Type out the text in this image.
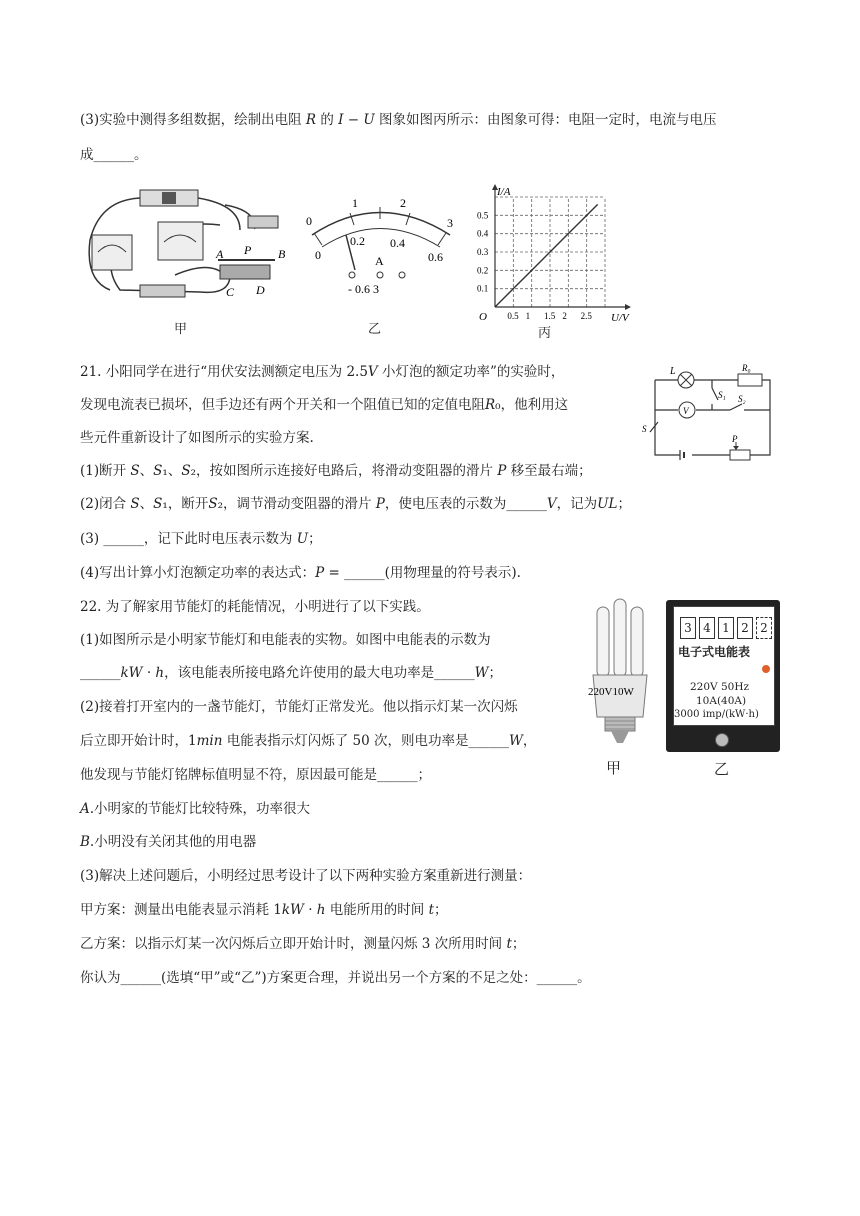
(3)实验中测得多组数据，绘制出电阻 𝑅 的 𝐼 − 𝑈 图象如图丙所示：由图象可得：电阻一定时，电流与电压
成______。
A P B
C D
甲
0
1	2
3
0
0.2 0.4
0.6
A
- 0.6 3
乙
0.5 1 1.5 2 2.5
0.1
0.2
0.3
0.4
0.5
O
I/A
U/V
丙
21. 小阳同学在进行“用伏安法测额定电压为 2.5𝑉 小灯泡的额定功率”的实验时，
发现电流表已损坏，但手边还有两个开关和一个阻值已知的定值电阻𝑅₀，他利用这
些元件重新设计了如图所示的实验方案.
(1)断开 𝑆、𝑆₁、𝑆₂，按如图所示连接好电路后，将滑动变阻器的滑片 𝑃 移至最右端；
(2)闭合 𝑆、𝑆₁，断开𝑆₂，调节滑动变阻器的滑片 𝑃，使电压表的示数为______𝑉，记为𝑈𝐿；
(3) ______，记下此时电压表示数为 𝑈；
(4)写出计算小灯泡额定功率的表达式：𝑃 = ______(用物理量的符号表示).
L	R₀
V
S₁ S₂
S
P
22. 为了解家用节能灯的耗能情况，小明进行了以下实践。
(1)如图所示是小明家节能灯和电能表的实物。如图中电能表的示数为
______𝑘𝑊 · ℎ，该电能表所接电路允许使用的最大电功率是______𝑊；
(2)接着打开室内的一盏节能灯，节能灯正常发光。他以指示灯某一次闪烁
后立即开始计时，1𝑚𝑖𝑛 电能表指示灯闪烁了 50 次，则电功率是______𝑊，
他发现与节能灯铭牌标值明显不符，原因最可能是______；
𝐴.小明家的节能灯比较特殊，功率很大
𝐵.小明没有关闭其他的用电器
(3)解决上述问题后，小明经过思考设计了以下两种实验方案重新进行测量：
甲方案：测量出电能表显示消耗 1𝑘𝑊 · ℎ 电能所用的时间 𝑡；
乙方案：以指示灯某一次闪烁后立即开始计时，测量闪烁 3 次所用时间 𝑡；
你认为______(选填“甲”或“乙”)方案更合理，并说出另一个方案的不足之处：______。
220V10W
甲
3 4 1 2 2
电子式电能表
220V 50Hz
10A(40A)
3000 imp/(kW·h)
乙
